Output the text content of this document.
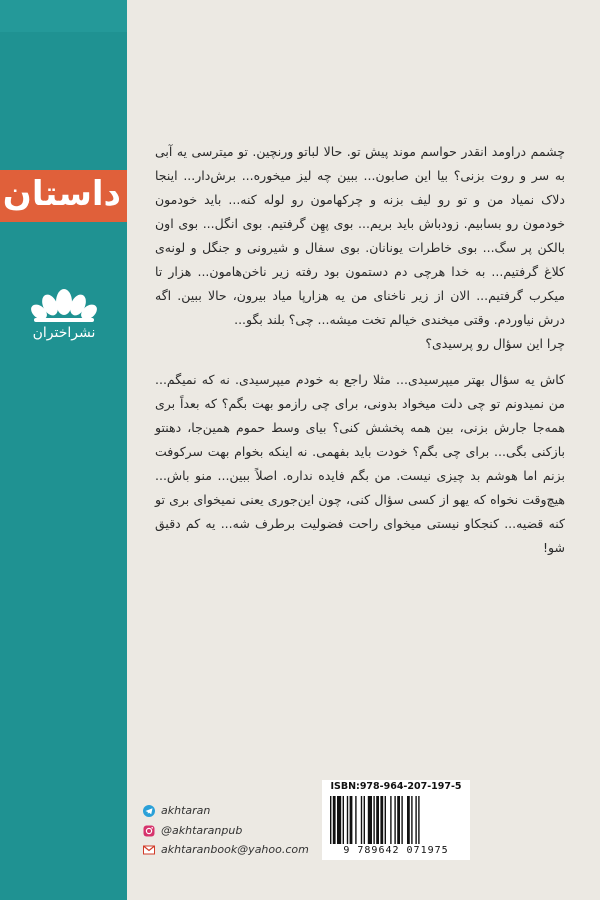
داستان
نشراختران

چشمم دراومد انقدر حواسم موند پیش تو. حالا لباتو ورنچین. تو میترسی یه آبی به سر و روت بزنی؟ بیا این صابون... ببین چه لیز میخوره... برش‌دار... اینجا دلاک نمیاد من و تو رو لیف بزنه و چرکهامون رو لوله کنه... باید خودمون خودمون رو بسابیم. زودباش باید بریم... بوی پهِن گرفتیم. بوی انگل... بوی اون بالکن پر سگ... بوی خاطرات یونانان. بوی سفال و شیرونی و جنگل و لونه‌ی کلاغ گرفتیم... به خدا هرچی دم دستمون بود رفته زیر ناخن‌هامون... هزار تا میکرب گرفتیم... الان از زیر ناخنای من یه هزارپا میاد بیرون، حالا ببین. اگه درش نیاوردم. وقتی میخندی خیالم تخت میشه... چی؟ بلند بگو...

چرا این سؤال رو پرسیدی؟

کاش یه سؤال بهتر میپرسیدی... مثلا راجع به خودم میپرسیدی. نه که نمیگم... من نمیدونم تو چی دلت میخواد بدونی، برای چی رازمو بهت بگم؟ که بعداً بری همه‌جا جارش بزنی، بین همه پخشش کنی؟ بیای وسط حموم همین‌جا، دهنتو بازکنی بگی... برای چی بگم؟ خودت باید بفهمی. نه اینکه بخوام بهت سرکوفت بزنم اما هوشم بد چیزی نیست. من بگم فایده نداره. اصلاً ببین... منو باش... هیچ‌وقت نخواه که یهو از کسی سؤال کنی، چون این‌جوری یعنی نمیخوای بری تو کنه قضیه... کنجکاو نیستی میخوای راحت فضولیت برطرف شه... یه کم دقیق شو!

ISBN:978-964-207-197-5
9 789642 071975
akhtaran
@akhtaranpub
akhtaranbook@yahoo.com
